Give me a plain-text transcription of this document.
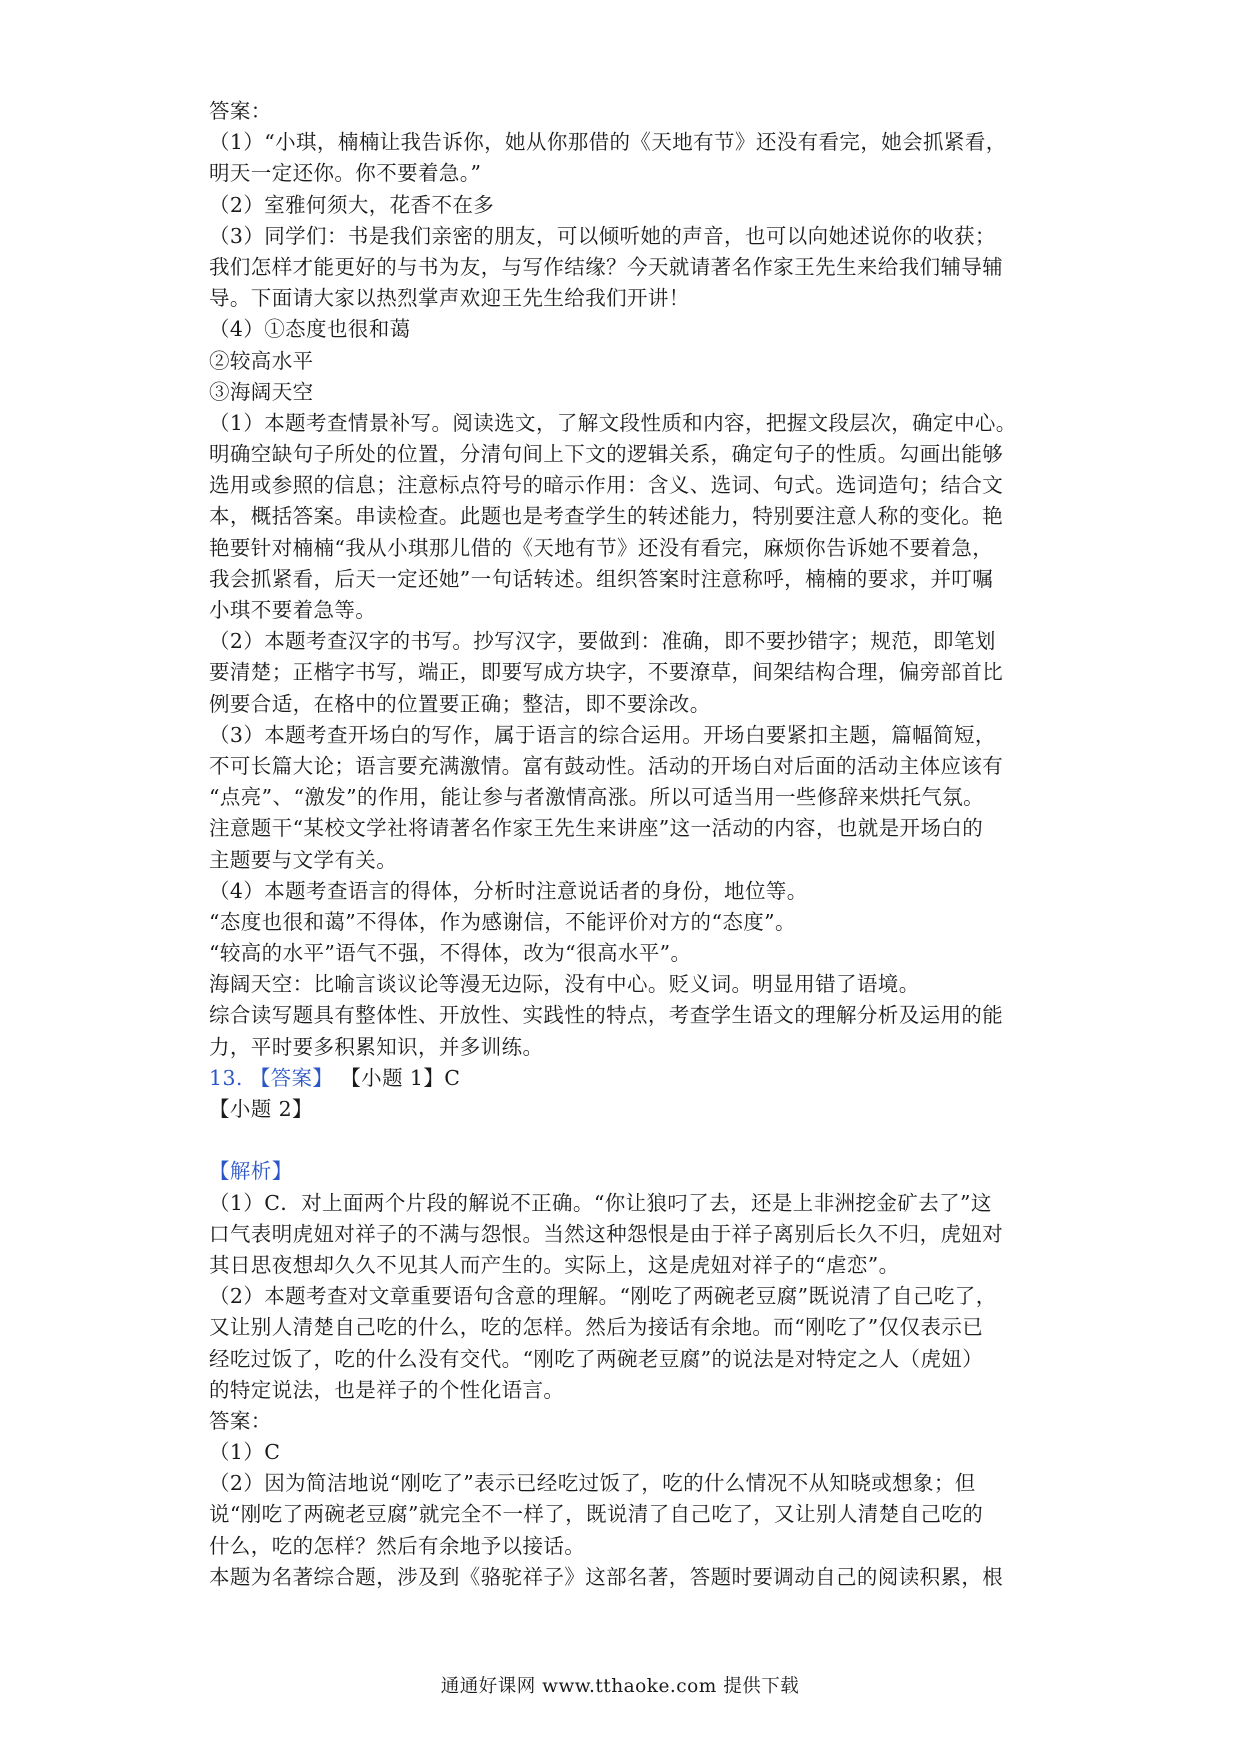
答案：
（1）“小琪，楠楠让我告诉你，她从你那借的《天地有节》还没有看完，她会抓紧看，
明天一定还你。你不要着急。”
（2）室雅何须大，花香不在多
（3）同学们：书是我们亲密的朋友，可以倾听她的声音，也可以向她述说你的收获；
我们怎样才能更好的与书为友，与写作结缘？今天就请著名作家王先生来给我们辅导辅
导。下面请大家以热烈掌声欢迎王先生给我们开讲！
（4）①态度也很和蔼
②较高水平
③海阔天空
（1）本题考查情景补写。阅读选文，了解文段性质和内容，把握文段层次，确定中心。
明确空缺句子所处的位置，分清句间上下文的逻辑关系，确定句子的性质。勾画出能够
选用或参照的信息；注意标点符号的暗示作用：含义、选词、句式。选词造句；结合文
本，概括答案。串读检查。此题也是考查学生的转述能力，特别要注意人称的变化。艳
艳要针对楠楠“我从小琪那儿借的《天地有节》还没有看完，麻烦你告诉她不要着急，
我会抓紧看，后天一定还她”一句话转述。组织答案时注意称呼，楠楠的要求，并叮嘱
小琪不要着急等。
（2）本题考查汉字的书写。抄写汉字，要做到：准确，即不要抄错字；规范，即笔划
要清楚；正楷字书写，端正，即要写成方块字，不要潦草，间架结构合理，偏旁部首比
例要合适，在格中的位置要正确；整洁，即不要涂改。
（3）本题考查开场白的写作，属于语言的综合运用。开场白要紧扣主题，篇幅简短，
不可长篇大论；语言要充满激情。富有鼓动性。活动的开场白对后面的活动主体应该有
“点亮”、“激发”的作用，能让参与者激情高涨。所以可适当用一些修辞来烘托气氛。
注意题干“某校文学社将请著名作家王先生来讲座”这一活动的内容，也就是开场白的
主题要与文学有关。
（4）本题考查语言的得体，分析时注意说话者的身份，地位等。
“态度也很和蔼”不得体，作为感谢信，不能评价对方的“态度”。
“较高的水平”语气不强，不得体，改为“很高水平”。
海阔天空：比喻言谈议论等漫无边际，没有中心。贬义词。明显用错了语境。
综合读写题具有整体性、开放性、实践性的特点，考查学生语文的理解分析及运用的能
力，平时要多积累知识，并多训练。
13. 【答案】 【小题 1】C
【小题 2】
【解析】
（1）C．对上面两个片段的解说不正确。“你让狼叼了去，还是上非洲挖金矿去了”这
口气表明虎妞对祥子的不满与怨恨。当然这种怨恨是由于祥子离别后长久不归，虎妞对
其日思夜想却久久不见其人而产生的。实际上，这是虎妞对祥子的“虐恋”。
（2）本题考查对文章重要语句含意的理解。“刚吃了两碗老豆腐”既说清了自己吃了，
又让别人清楚自己吃的什么，吃的怎样。然后为接话有余地。而“刚吃了”仅仅表示已
经吃过饭了，吃的什么没有交代。“刚吃了两碗老豆腐”的说法是对特定之人（虎妞）
的特定说法，也是祥子的个性化语言。
答案：
（1）C
（2）因为简洁地说“刚吃了”表示已经吃过饭了，吃的什么情况不从知晓或想象；但
说“刚吃了两碗老豆腐”就完全不一样了，既说清了自己吃了，又让别人清楚自己吃的
什么，吃的怎样？然后有余地予以接话。
本题为名著综合题，涉及到《骆驼祥子》这部名著，答题时要调动自己的阅读积累，根
通通好课网 www.tthaoke.com 提供下载
